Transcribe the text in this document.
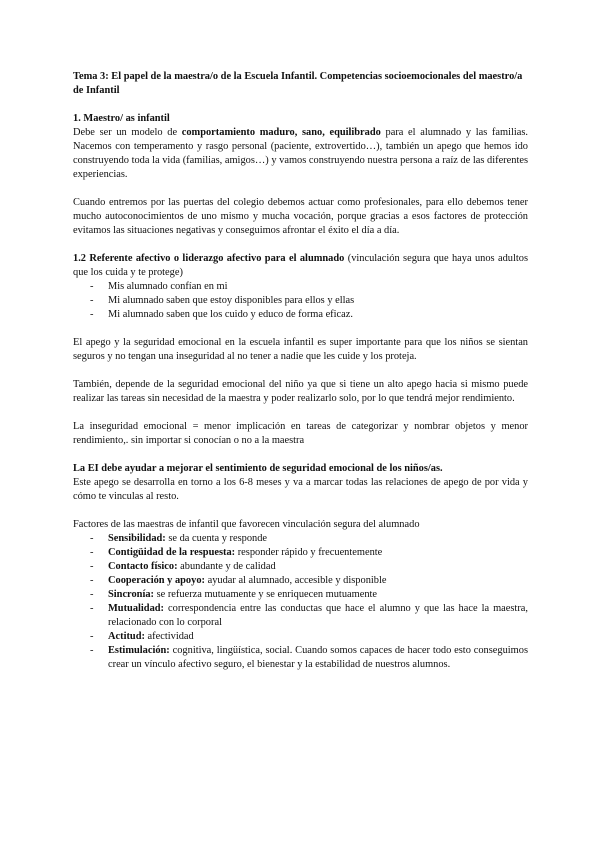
Tema 3: El papel de la maestra/o de la Escuela Infantil. Competencias socioemocionales del maestro/a de Infantil

1. Maestro/ as infantil

Debe ser un modelo de comportamiento maduro, sano, equilibrado para el alumnado y las familias. Nacemos con temperamento y rasgo personal (paciente, extrovertido…), también un apego que hemos ido construyendo toda la vida (familias, amigos…) y vamos construyendo nuestra persona a raíz de las diferentes experiencias.

Cuando entremos por las puertas del colegio debemos actuar como profesionales, para ello debemos tener mucho autoconocimientos de uno mismo y mucha vocación, porque gracias a esos factores de protección evitamos las situaciones negativas y conseguimos afrontar el éxito el día a día.

1.2 Referente afectivo o liderazgo afectivo para el alumnado (vinculación segura que haya unos adultos que los cuida y te protege)

- Mis alumnado confían en mi
- Mi alumnado saben que estoy disponibles para ellos y ellas
- Mi alumnado saben que los cuido y educo de forma eficaz.

El apego y la seguridad emocional en la escuela infantil es super importante para que los niños se sientan seguros y no tengan una inseguridad al no tener a nadie que les cuide y los proteja.

También, depende de la seguridad emocional del niño ya que si tiene un alto apego hacia si mismo puede realizar las tareas sin necesidad de la maestra y poder realizarlo solo, por lo que tendrá mejor rendimiento.

La inseguridad emocional = menor implicación en tareas de categorizar y nombrar objetos y menor rendimiento,. sin importar si conocían o no a la maestra

La EI debe ayudar a mejorar el sentimiento de seguridad emocional de los niños/as.

Este apego se desarrolla en torno a los 6-8 meses y va a marcar todas las relaciones de apego de por vida y cómo te vinculas al resto.

Factores de las maestras de infantil que favorecen vinculación segura del alumnado

- Sensibilidad: se da cuenta y responde
- Contigüidad de la respuesta: responder rápido y frecuentemente
- Contacto físico: abundante y de calidad
- Cooperación y apoyo: ayudar al alumnado, accesible y disponible
- Sincronía: se refuerza mutuamente y se enriquecen mutuamente
- Mutualidad: correspondencia entre las conductas que hace el alumno y que las hace la maestra, relacionado con lo corporal
- Actitud: afectividad
- Estimulación: cognitiva, lingüística, social. Cuando somos capaces de hacer todo esto conseguimos crear un vínculo afectivo seguro, el bienestar y la estabilidad de nuestros alumnos.
